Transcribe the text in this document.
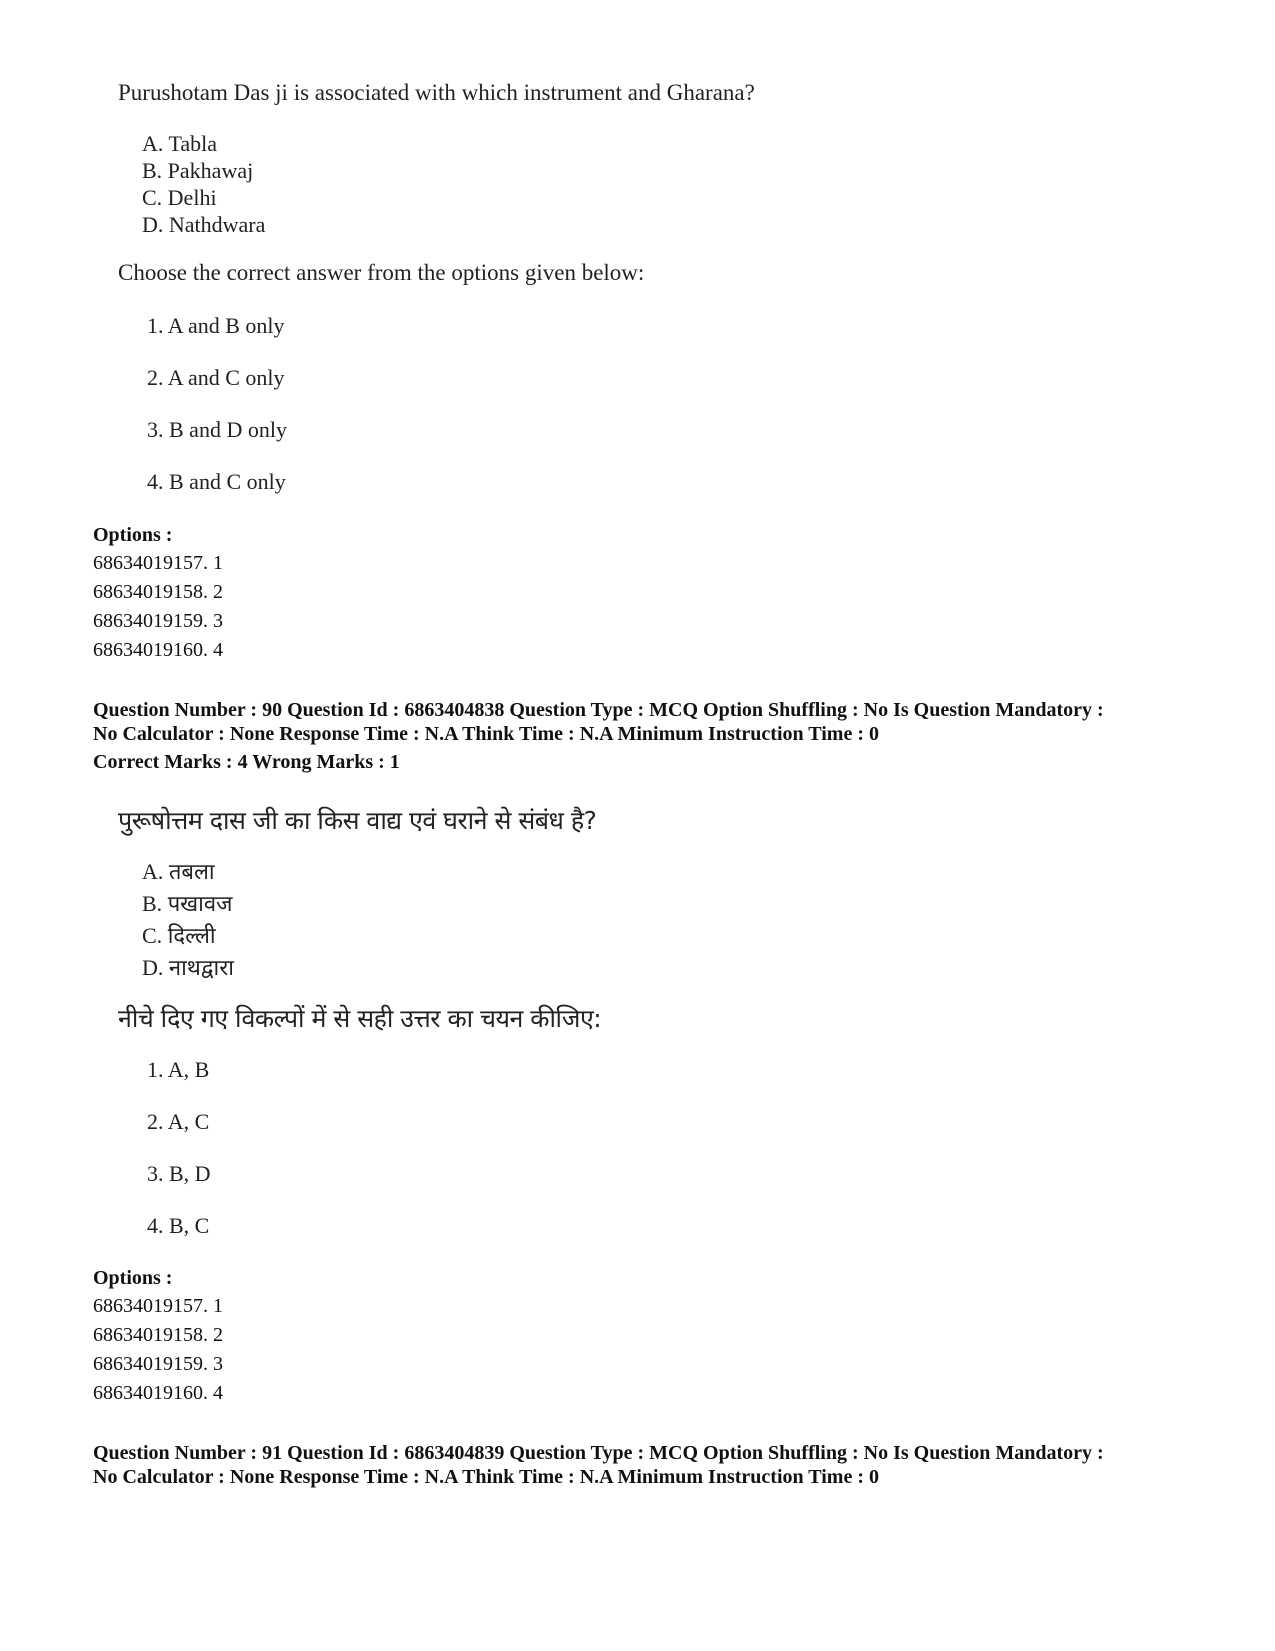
Purushotam Das ji is associated with which instrument and Gharana?
A. Tabla
B. Pakhawaj
C. Delhi
D. Nathdwara
Choose the correct answer from the options given below:
1. A and B only
2. A and C only
3. B and D only
4. B and C only
Options :
68634019157. 1
68634019158. 2
68634019159. 3
68634019160. 4
Question Number : 90 Question Id : 6863404838 Question Type : MCQ Option Shuffling : No Is Question Mandatory :
No Calculator : None Response Time : N.A Think Time : N.A Minimum Instruction Time : 0
Correct Marks : 4 Wrong Marks : 1
पुरूषोत्तम दास जी का किस वाद्य एवं घराने से संबंध है?
A. तबला
B. पखावज
C. दिल्ली
D. नाथद्वारा
नीचे दिए गए विकल्पों में से सही उत्तर का चयन कीजिए:
1. A, B
2. A, C
3. B, D
4. B, C
Options :
68634019157. 1
68634019158. 2
68634019159. 3
68634019160. 4
Question Number : 91 Question Id : 6863404839 Question Type : MCQ Option Shuffling : No Is Question Mandatory :
No Calculator : None Response Time : N.A Think Time : N.A Minimum Instruction Time : 0
